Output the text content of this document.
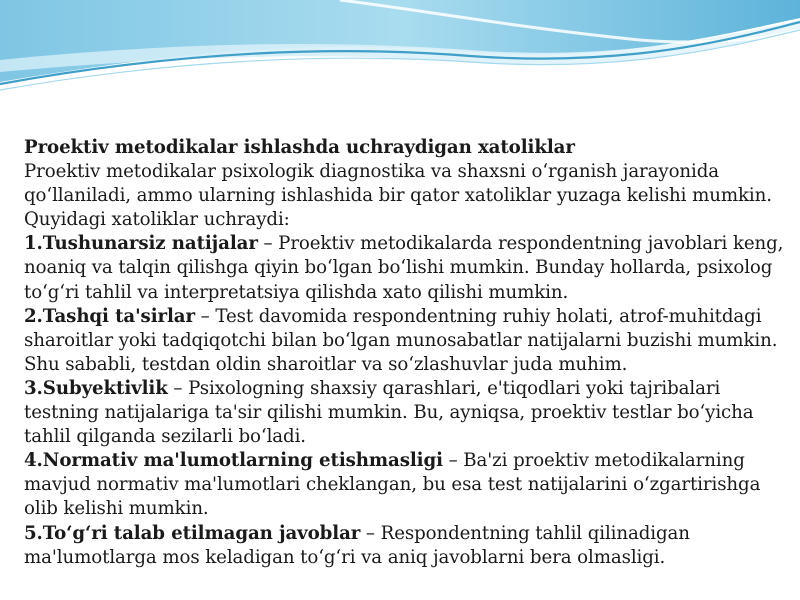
Proektiv metodikalar ishlashda uchraydigan xatoliklar

Proektiv metodikalar psixologik diagnostika va shaxsni o‘rganish jarayonida qo‘llaniladi, ammo ularning ishlashida bir qator xatoliklar yuzaga kelishi mumkin. Quyidagi xatoliklar uchraydi:

1.Tushunarsiz natijalar – Proektiv metodikalarda respondentning javoblari keng, noaniq va talqin qilishga qiyin bo‘lgan bo‘lishi mumkin. Bunday hollarda, psixolog to‘g‘ri tahlil va interpretatsiya qilishda xato qilishi mumkin.

2.Tashqi ta'sirlar – Test davomida respondentning ruhiy holati, atrof-muhitdagi sharoitlar yoki tadqiqotchi bilan bo‘lgan munosabatlar natijalarni buzishi mumkin. Shu sababli, testdan oldin sharoitlar va so‘zlashuvlar juda muhim.

3.Subyektivlik – Psixologning shaxsiy qarashlari, e'tiqodlari yoki tajribalari testning natijalariga ta'sir qilishi mumkin. Bu, ayniqsa, proektiv testlar bo‘yicha tahlil qilganda sezilarli bo‘ladi.

4.Normativ ma'lumotlarning etishmasligi – Ba'zi proektiv metodikalarning mavjud normativ ma'lumotlari cheklangan, bu esa test natijalarini o‘zgartirishga olib kelishi mumkin.

5.To‘g‘ri talab etilmagan javoblar – Respondentning tahlil qilinadigan ma'lumotlarga mos keladigan to‘g‘ri va aniq javoblarni bera olmasligi.
